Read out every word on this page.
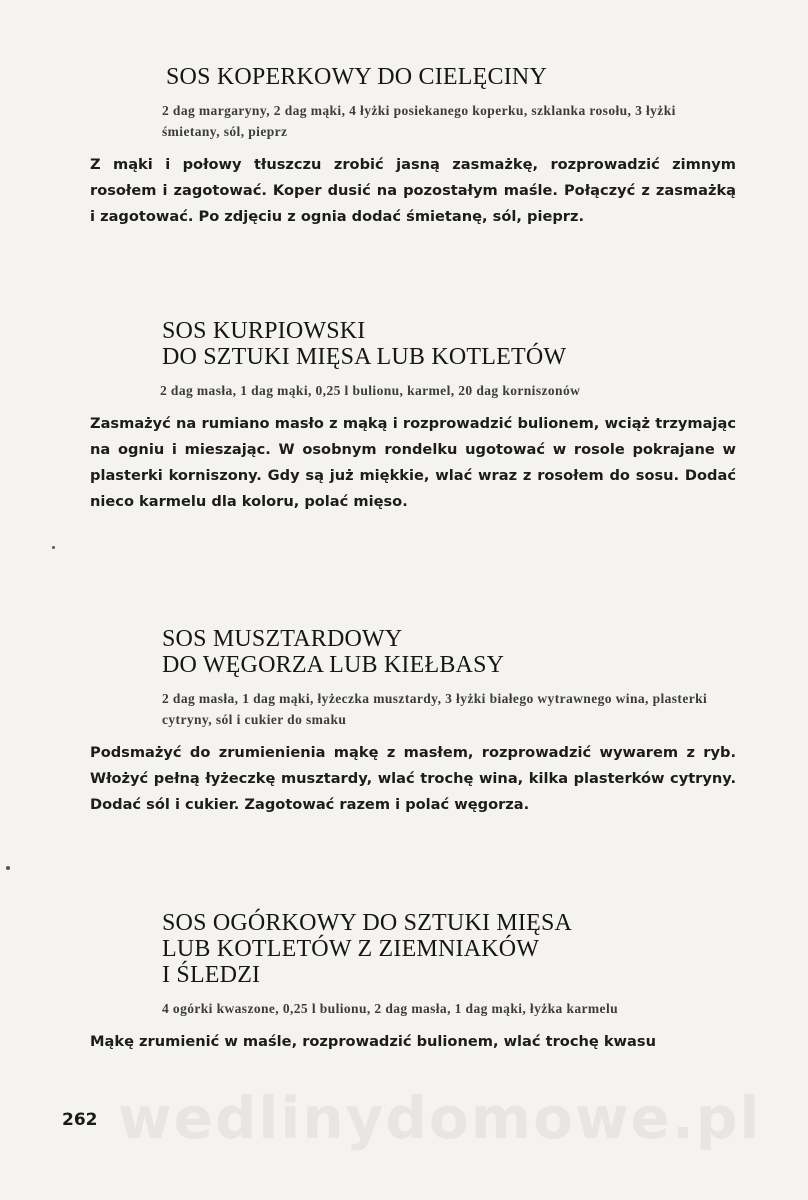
SOS KOPERKOWY DO CIELĘCINY

2 dag margaryny, 2 dag mąki, 4 łyżki posiekanego koperku, szklanka rosołu, 3 łyżki śmietany, sól, pieprz

Z mąki i połowy tłuszczu zrobić jasną zasmażkę, rozprowadzić zimnym rosołem i zagotować. Koper dusić na pozostałym maśle. Połączyć z zasmażką i zagotować. Po zdjęciu z ognia dodać śmietanę, sól, pieprz.

SOS KURPIOWSKI
DO SZTUKI MIĘSA LUB KOTLETÓW

2 dag masła, 1 dag mąki, 0,25 l bulionu, karmel, 20 dag korniszonów

Zasmażyć na rumiano masło z mąką i rozprowadzić bulionem, wciąż trzymając na ogniu i mieszając. W osobnym rondelku ugotować w rosole pokrajane w plasterki korniszony. Gdy są już miękkie, wlać wraz z rosołem do sosu. Dodać nieco karmelu dla koloru, polać mięso.

SOS MUSZTARDOWY
DO WĘGORZA LUB KIEŁBASY

2 dag masła, 1 dag mąki, łyżeczka musztardy, 3 łyżki białego wytrawnego wina, plasterki cytryny, sól i cukier do smaku

Podsmażyć do zrumienienia mąkę z masłem, rozprowadzić wywarem z ryb. Włożyć pełną łyżeczkę musztardy, wlać trochę wina, kilka plasterków cytryny. Dodać sól i cukier. Zagotować razem i polać węgorza.

SOS OGÓRKOWY DO SZTUKI MIĘSA
LUB KOTLETÓW Z ZIEMNIAKÓW
I ŚLEDZI

4 ogórki kwaszone, 0,25 l bulionu, 2 dag masła, 1 dag mąki, łyżka karmelu

Mąkę zrumienić w maśle, rozprowadzić bulionem, wlać trochę kwasu

wedlinydomowe.pl
262
